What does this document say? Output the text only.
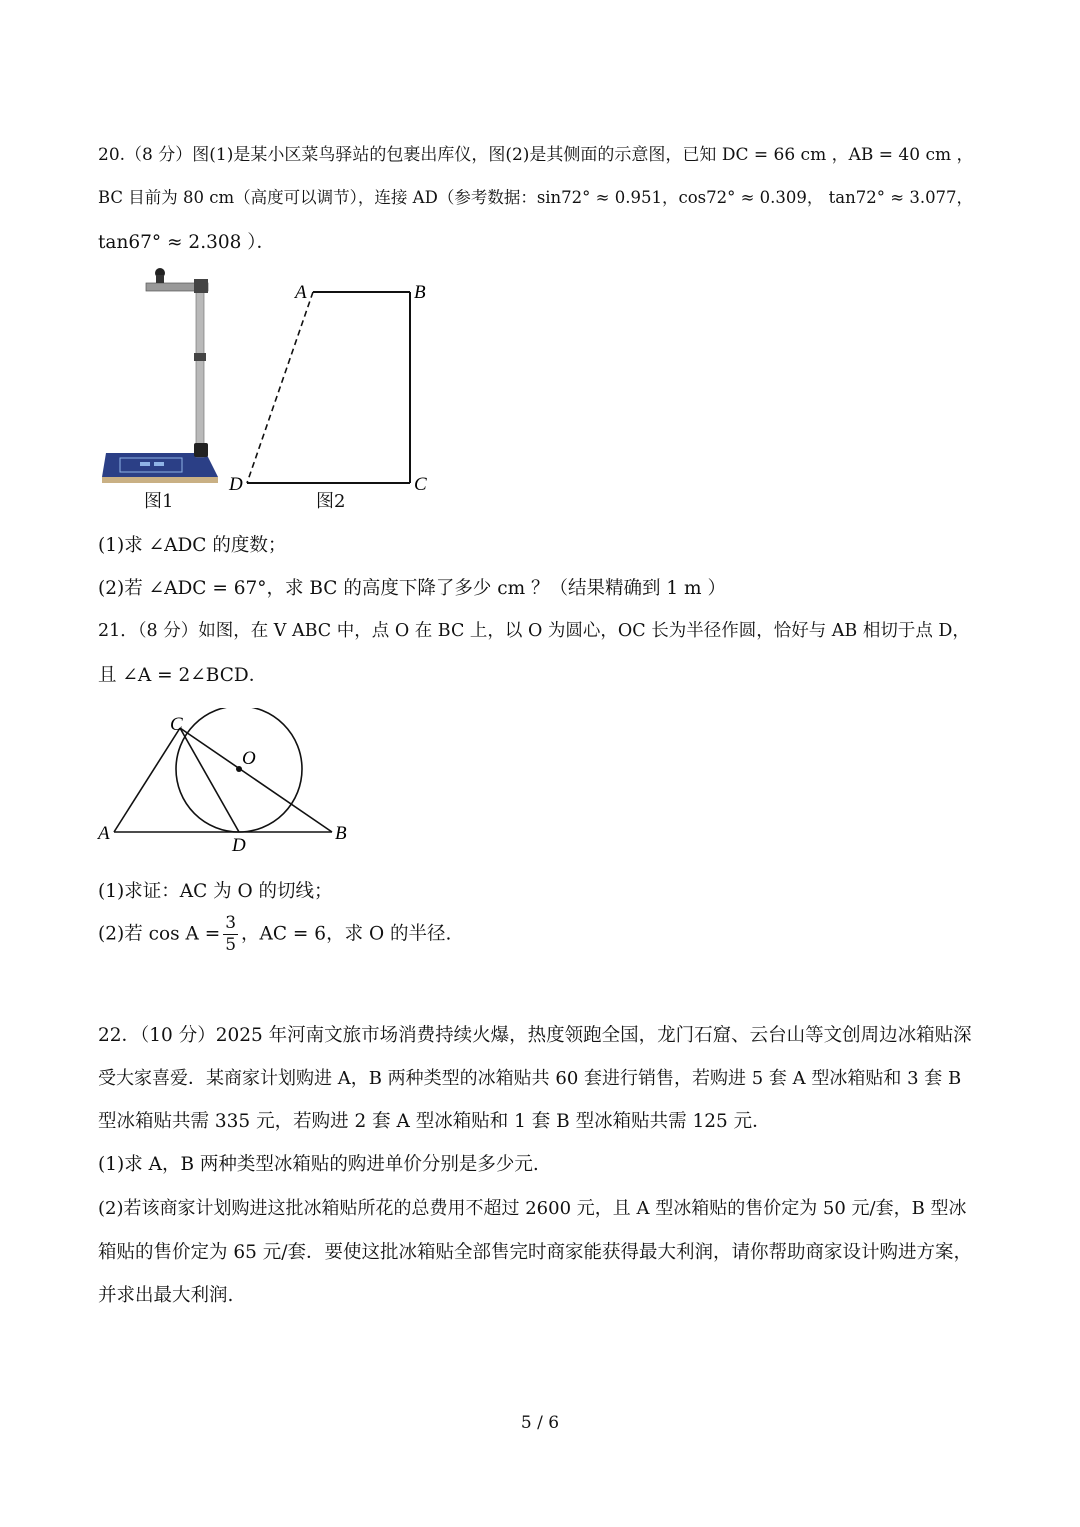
20.（8 分）图(1)是某小区菜鸟驿站的包裹出库仪，图(2)是其侧面的示意图，已知 DC = 66 cm ，AB = 40 cm ，
BC 目前为 80 cm（高度可以调节），连接 AD（参考数据：sin72° ≈ 0.951，cos72° ≈ 0.309， tan72° ≈ 3.077，
tan67° ≈ 2.308 ）．
图1
A	B
C
D
图2
(1)求 ∠ADC 的度数；
(2)若 ∠ADC = 67°，求 BC 的高度下降了多少 cm ？（结果精确到 1 m ）
21．（8 分）如图，在 V ABC 中，点 O 在 BC 上，以 O 为圆心，OC 长为半径作圆，恰好与 AB 相切于点 D，
且 ∠A = 2∠BCD．
C
O
A
D
B
(1)求证：AC 为 O 的切线；
(2)若 $\cos A = \frac{3}{5}$ ，AC = 6，求 O 的半径.
22．（10 分）2025 年河南文旅市场消费持续火爆，热度领跑全国，龙门石窟、云台山等文创周边冰箱贴深
受大家喜爱．某商家计划购进 A，B 两种类型的冰箱贴共 60 套进行销售，若购进 5 套 A 型冰箱贴和 3 套 B
型冰箱贴共需 335 元，若购进 2 套 A 型冰箱贴和 1 套 B 型冰箱贴共需 125 元．
(1)求 A，B 两种类型冰箱贴的购进单价分别是多少元.
(2)若该商家计划购进这批冰箱贴所花的总费用不超过 2600 元，且 A 型冰箱贴的售价定为 50 元/套，B 型冰
箱贴的售价定为 65 元/套．要使这批冰箱贴全部售完时商家能获得最大利润，请你帮助商家设计购进方案，
并求出最大利润.
5 / 6
